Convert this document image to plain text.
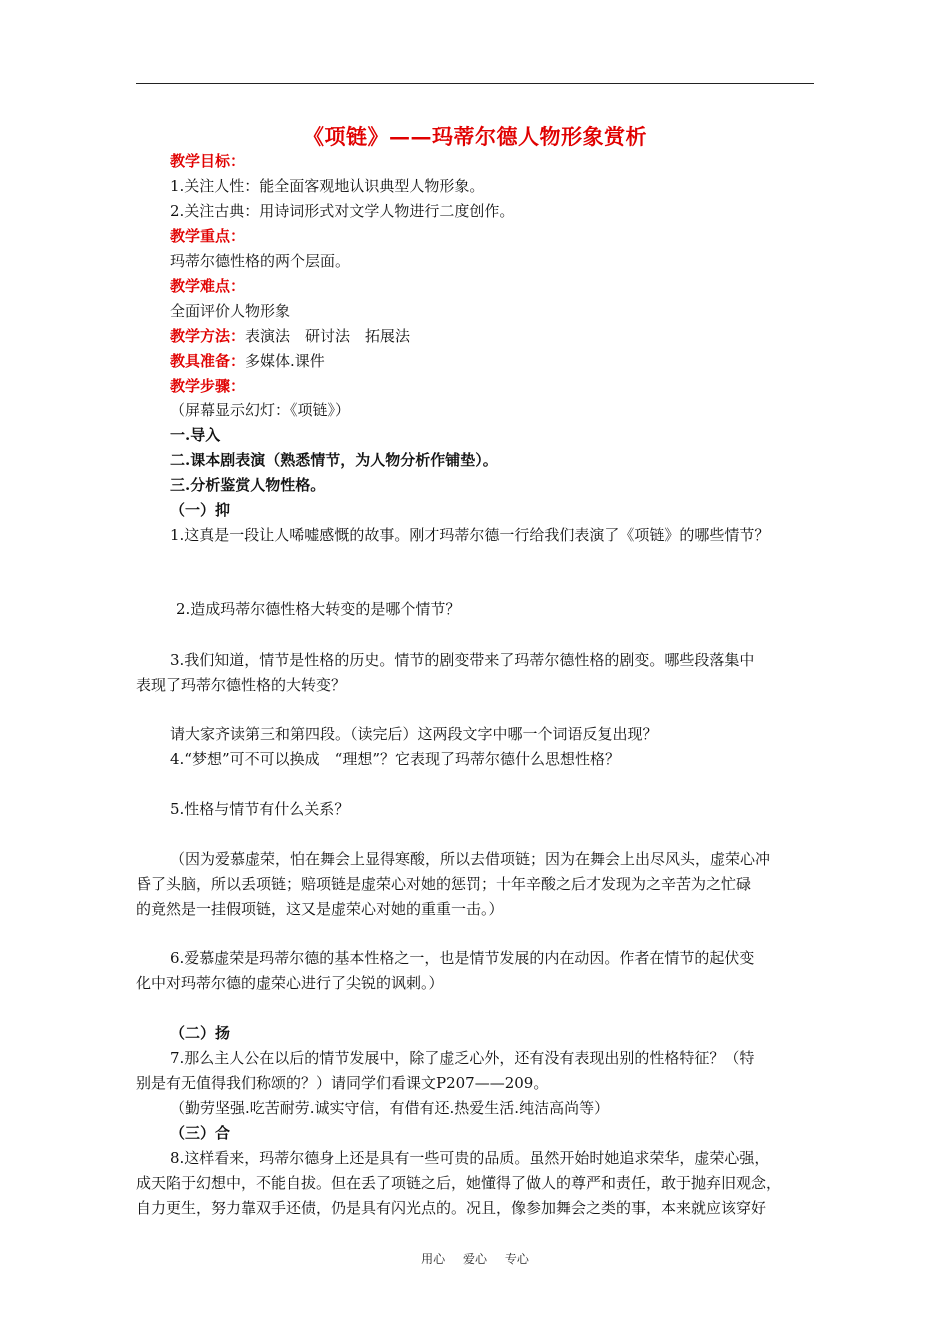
《项链》——玛蒂尔德人物形象赏析
教学目标：
1.关注人性：能全面客观地认识典型人物形象。
2.关注古典：用诗词形式对文学人物进行二度创作。
教学重点：
玛蒂尔德性格的两个层面。
教学难点：
全面评价人物形象
教学方法：表演法　研讨法　拓展法
教具准备：多媒体.课件
教学步骤：
（屏幕显示幻灯：《项链》）
一.导入
二.课本剧表演（熟悉情节，为人物分析作铺垫）。
三.分析鉴赏人物性格。
（一）抑
1.这真是一段让人唏嘘感慨的故事。刚才玛蒂尔德一行给我们表演了《项链》的哪些情节？
2.造成玛蒂尔德性格大转变的是哪个情节？
3.我们知道，情节是性格的历史。情节的剧变带来了玛蒂尔德性格的剧变。哪些段落集中
表现了玛蒂尔德性格的大转变？
请大家齐读第三和第四段。（读完后）这两段文字中哪一个词语反复出现？
4.“梦想”可不可以换成　“理想”？它表现了玛蒂尔德什么思想性格？
5.性格与情节有什么关系？
（因为爱慕虚荣，怕在舞会上显得寒酸，所以去借项链；因为在舞会上出尽风头，虚荣心冲
昏了头脑，所以丢项链；赔项链是虚荣心对她的惩罚；十年辛酸之后才发现为之辛苦为之忙碌
的竟然是一挂假项链，这又是虚荣心对她的重重一击。）
6.爱慕虚荣是玛蒂尔德的基本性格之一，也是情节发展的内在动因。作者在情节的起伏变
化中对玛蒂尔德的虚荣心进行了尖锐的讽刺。）
（二）扬
7.那么主人公在以后的情节发展中，除了虚乏心外，还有没有表现出别的性格特征？（特
别是有无值得我们称颂的？）请同学们看课文P207——209。
（勤劳坚强.吃苦耐劳.诚实守信，有借有还.热爱生活.纯洁高尚等）
（三）合
8.这样看来，玛蒂尔德身上还是具有一些可贵的品质。虽然开始时她追求荣华，虚荣心强，
成天陷于幻想中，不能自拔。但在丢了项链之后，她懂得了做人的尊严和责任，敢于抛弃旧观念，
自力更生，努力靠双手还债，仍是具有闪光点的。况且，像参加舞会之类的事，本来就应该穿好
用心 爱心 专心
